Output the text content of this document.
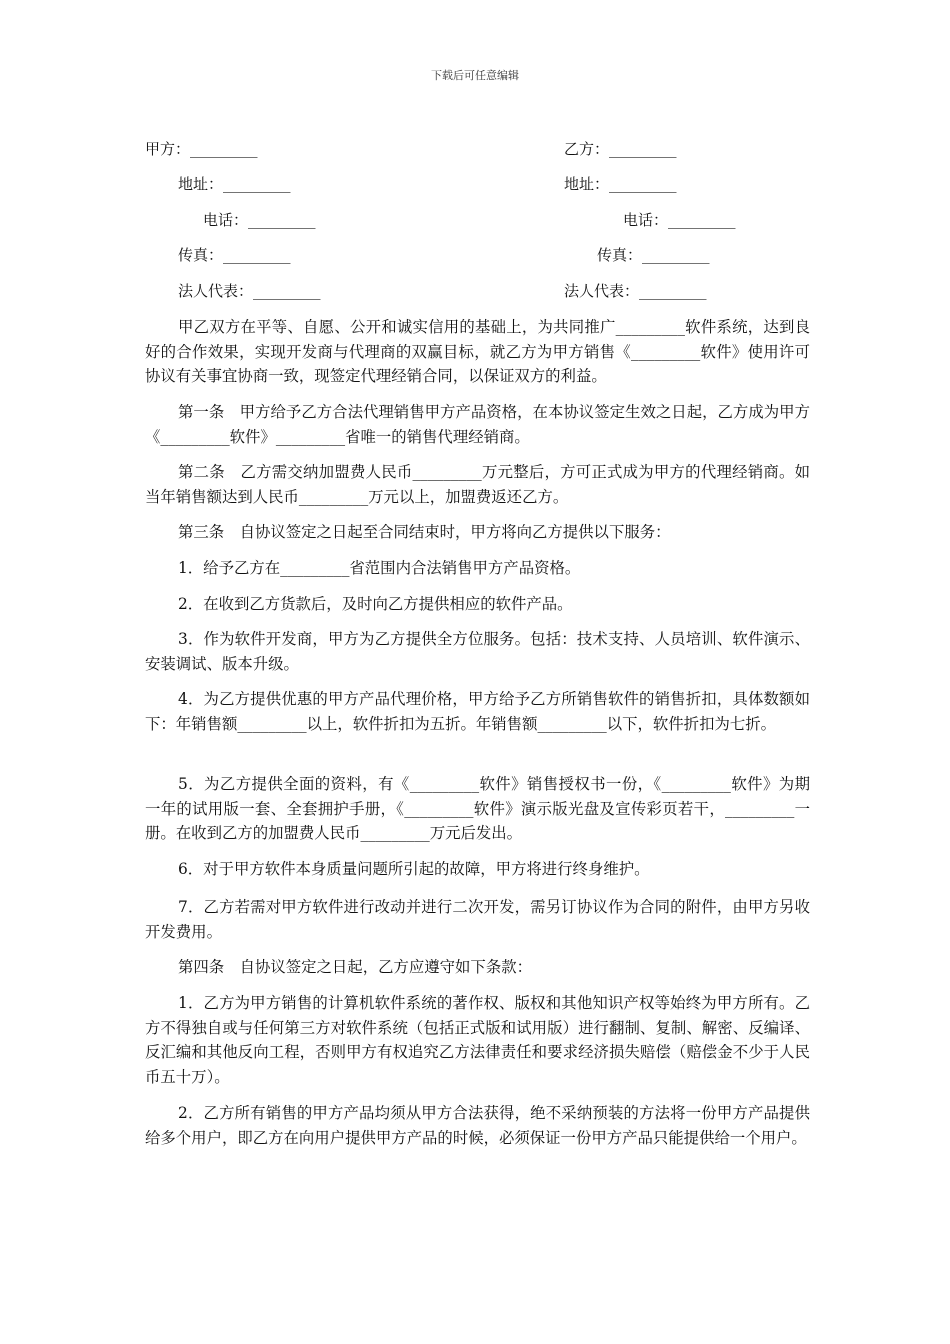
下载后可任意编辑
甲方：_________
地址：_________
电话：_________
传真：_________
法人代表：_________
乙方：_________
地址：_________
电话：_________
传真：_________
法人代表：_________

甲乙双方在平等、自愿、公开和诚实信用的基础上，为共同推广_________软件系统，达到良好的合作效果，实现开发商与代理商的双赢目标，就乙方为甲方销售《_________软件》使用许可协议有关事宜协商一致，现签定代理经销合同，以保证双方的利益。

第一条　甲方给予乙方合法代理销售甲方产品资格，在本协议签定生效之日起，乙方成为甲方《_________软件》_________省唯一的销售代理经销商。

第二条　乙方需交纳加盟费人民币_________万元整后，方可正式成为甲方的代理经销商。如当年销售额达到人民币_________万元以上，加盟费返还乙方。

第三条　自协议签定之日起至合同结束时，甲方将向乙方提供以下服务：

1．给予乙方在_________省范围内合法销售甲方产品资格。

2．在收到乙方货款后，及时向乙方提供相应的软件产品。

3．作为软件开发商，甲方为乙方提供全方位服务。包括：技术支持、人员培训、软件演示、安装调试、版本升级。

4．为乙方提供优惠的甲方产品代理价格，甲方给予乙方所销售软件的销售折扣，具体数额如下：年销售额_________以上，软件折扣为五折。年销售额_________以下，软件折扣为七折。

5．为乙方提供全面的资料，有《_________软件》销售授权书一份，《_________软件》为期一年的试用版一套、全套拥护手册，《_________软件》演示版光盘及宣传彩页若干，_________一册。在收到乙方的加盟费人民币_________万元后发出。

6．对于甲方软件本身质量问题所引起的故障，甲方将进行终身维护。

7．乙方若需对甲方软件进行改动并进行二次开发，需另订协议作为合同的附件，由甲方另收开发费用。

第四条　自协议签定之日起，乙方应遵守如下条款：

1．乙方为甲方销售的计算机软件系统的著作权、版权和其他知识产权等始终为甲方所有。乙方不得独自或与任何第三方对软件系统（包括正式版和试用版）进行翻制、复制、解密、反编译、反汇编和其他反向工程，否则甲方有权追究乙方法律责任和要求经济损失赔偿（赔偿金不少于人民币五十万）。

2．乙方所有销售的甲方产品均须从甲方合法获得，绝不采纳预装的方法将一份甲方产品提供给多个用户，即乙方在向用户提供甲方产品的时候，必须保证一份甲方产品只能提供给一个用户。
